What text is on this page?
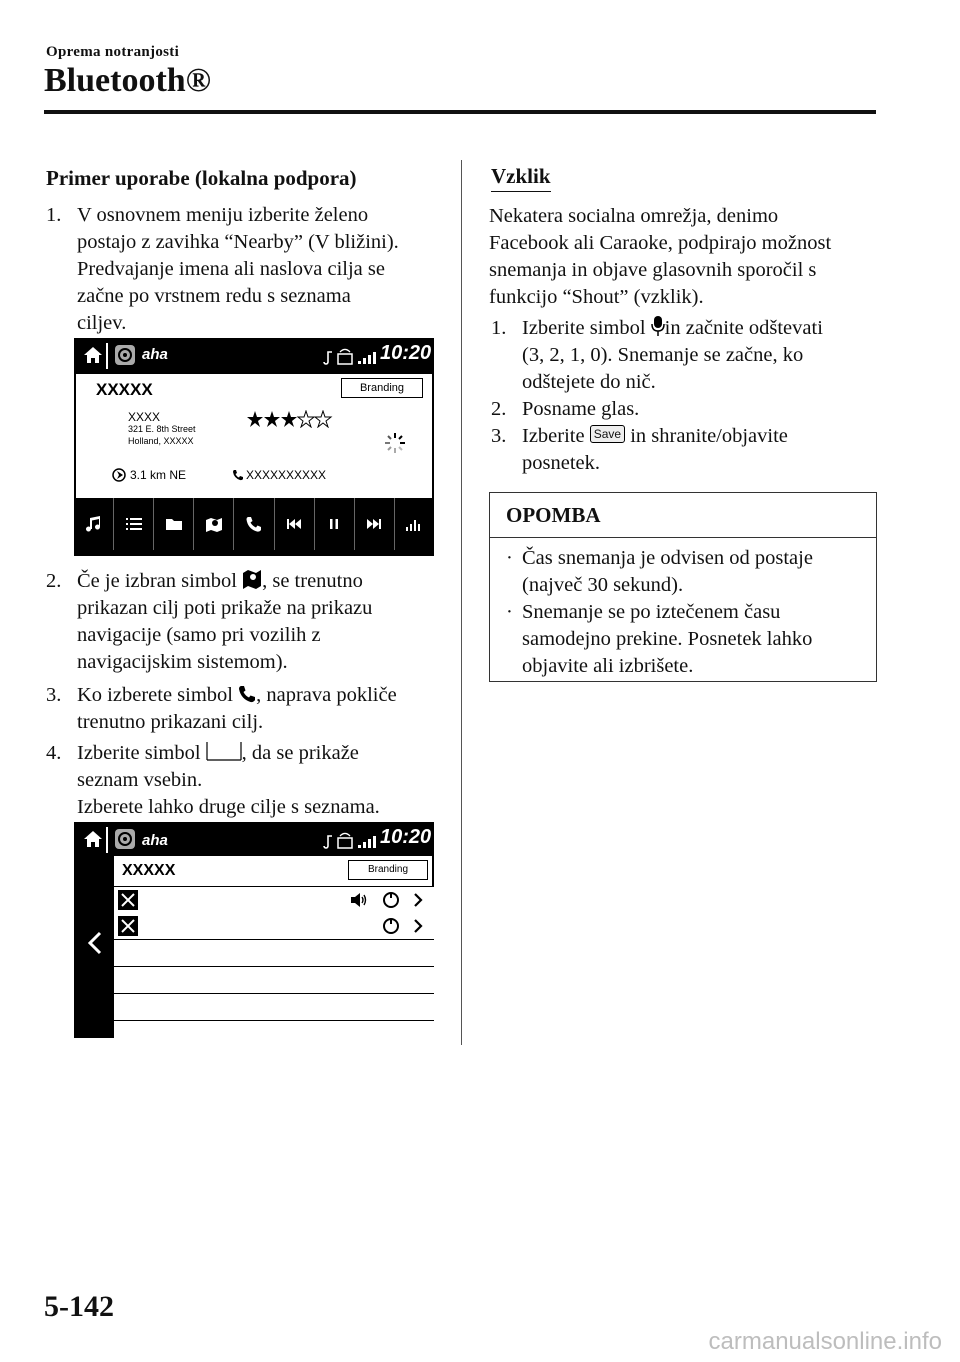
Oprema notranjosti
Bluetooth®
Primer uporabe (lokalna podpora)
1. V osnovnem meniju izberite želeno
postajo z zavihka “Nearby” (V bližini).
Predvajanje imena ali naslova cilja se
začne po vrstnem redu s seznama
ciljev.
aha	10:20
XXXXX	Branding
XXXX
321 E. 8th Street
Holland, XXXXX
3.1 km NE	XXXXXXXXXX
2. Če je izbran simbol , se trenutno
prikazan cilj poti prikaže na prikazu
navigacije (samo pri vozilih z
navigacijskim sistemom).
3. Ko izberete simbol , naprava pokliče
trenutno prikazani cilj.
4. Izberite simbol , da se prikaže
seznam vsebin.
Izberete lahko druge cilje s seznama.
aha	10:20
XXXXX	Branding
XXXXX
123 Street
OOOO
46th Street
Vzklik
Nekatera socialna omrežja, denimo
Facebook ali Caraoke, podpirajo možnost
snemanja in objave glasovnih sporočil s
funkcijo “Shout” (vzklik).
1. Izberite simbol in začnite odštevati
(3, 2, 1, 0). Snemanje se začne, ko
odštejete do nič.
2. Posname glas.
3. Izberite Save in shranite/objavite
posnetek.
OPOMBA
· Čas snemanja je odvisen od postaje
(največ 30 sekund).
· Snemanje se po iztečenem času
samodejno prekine. Posnetek lahko
objavite ali izbrišete.
5-142
carmanualsonline.info
